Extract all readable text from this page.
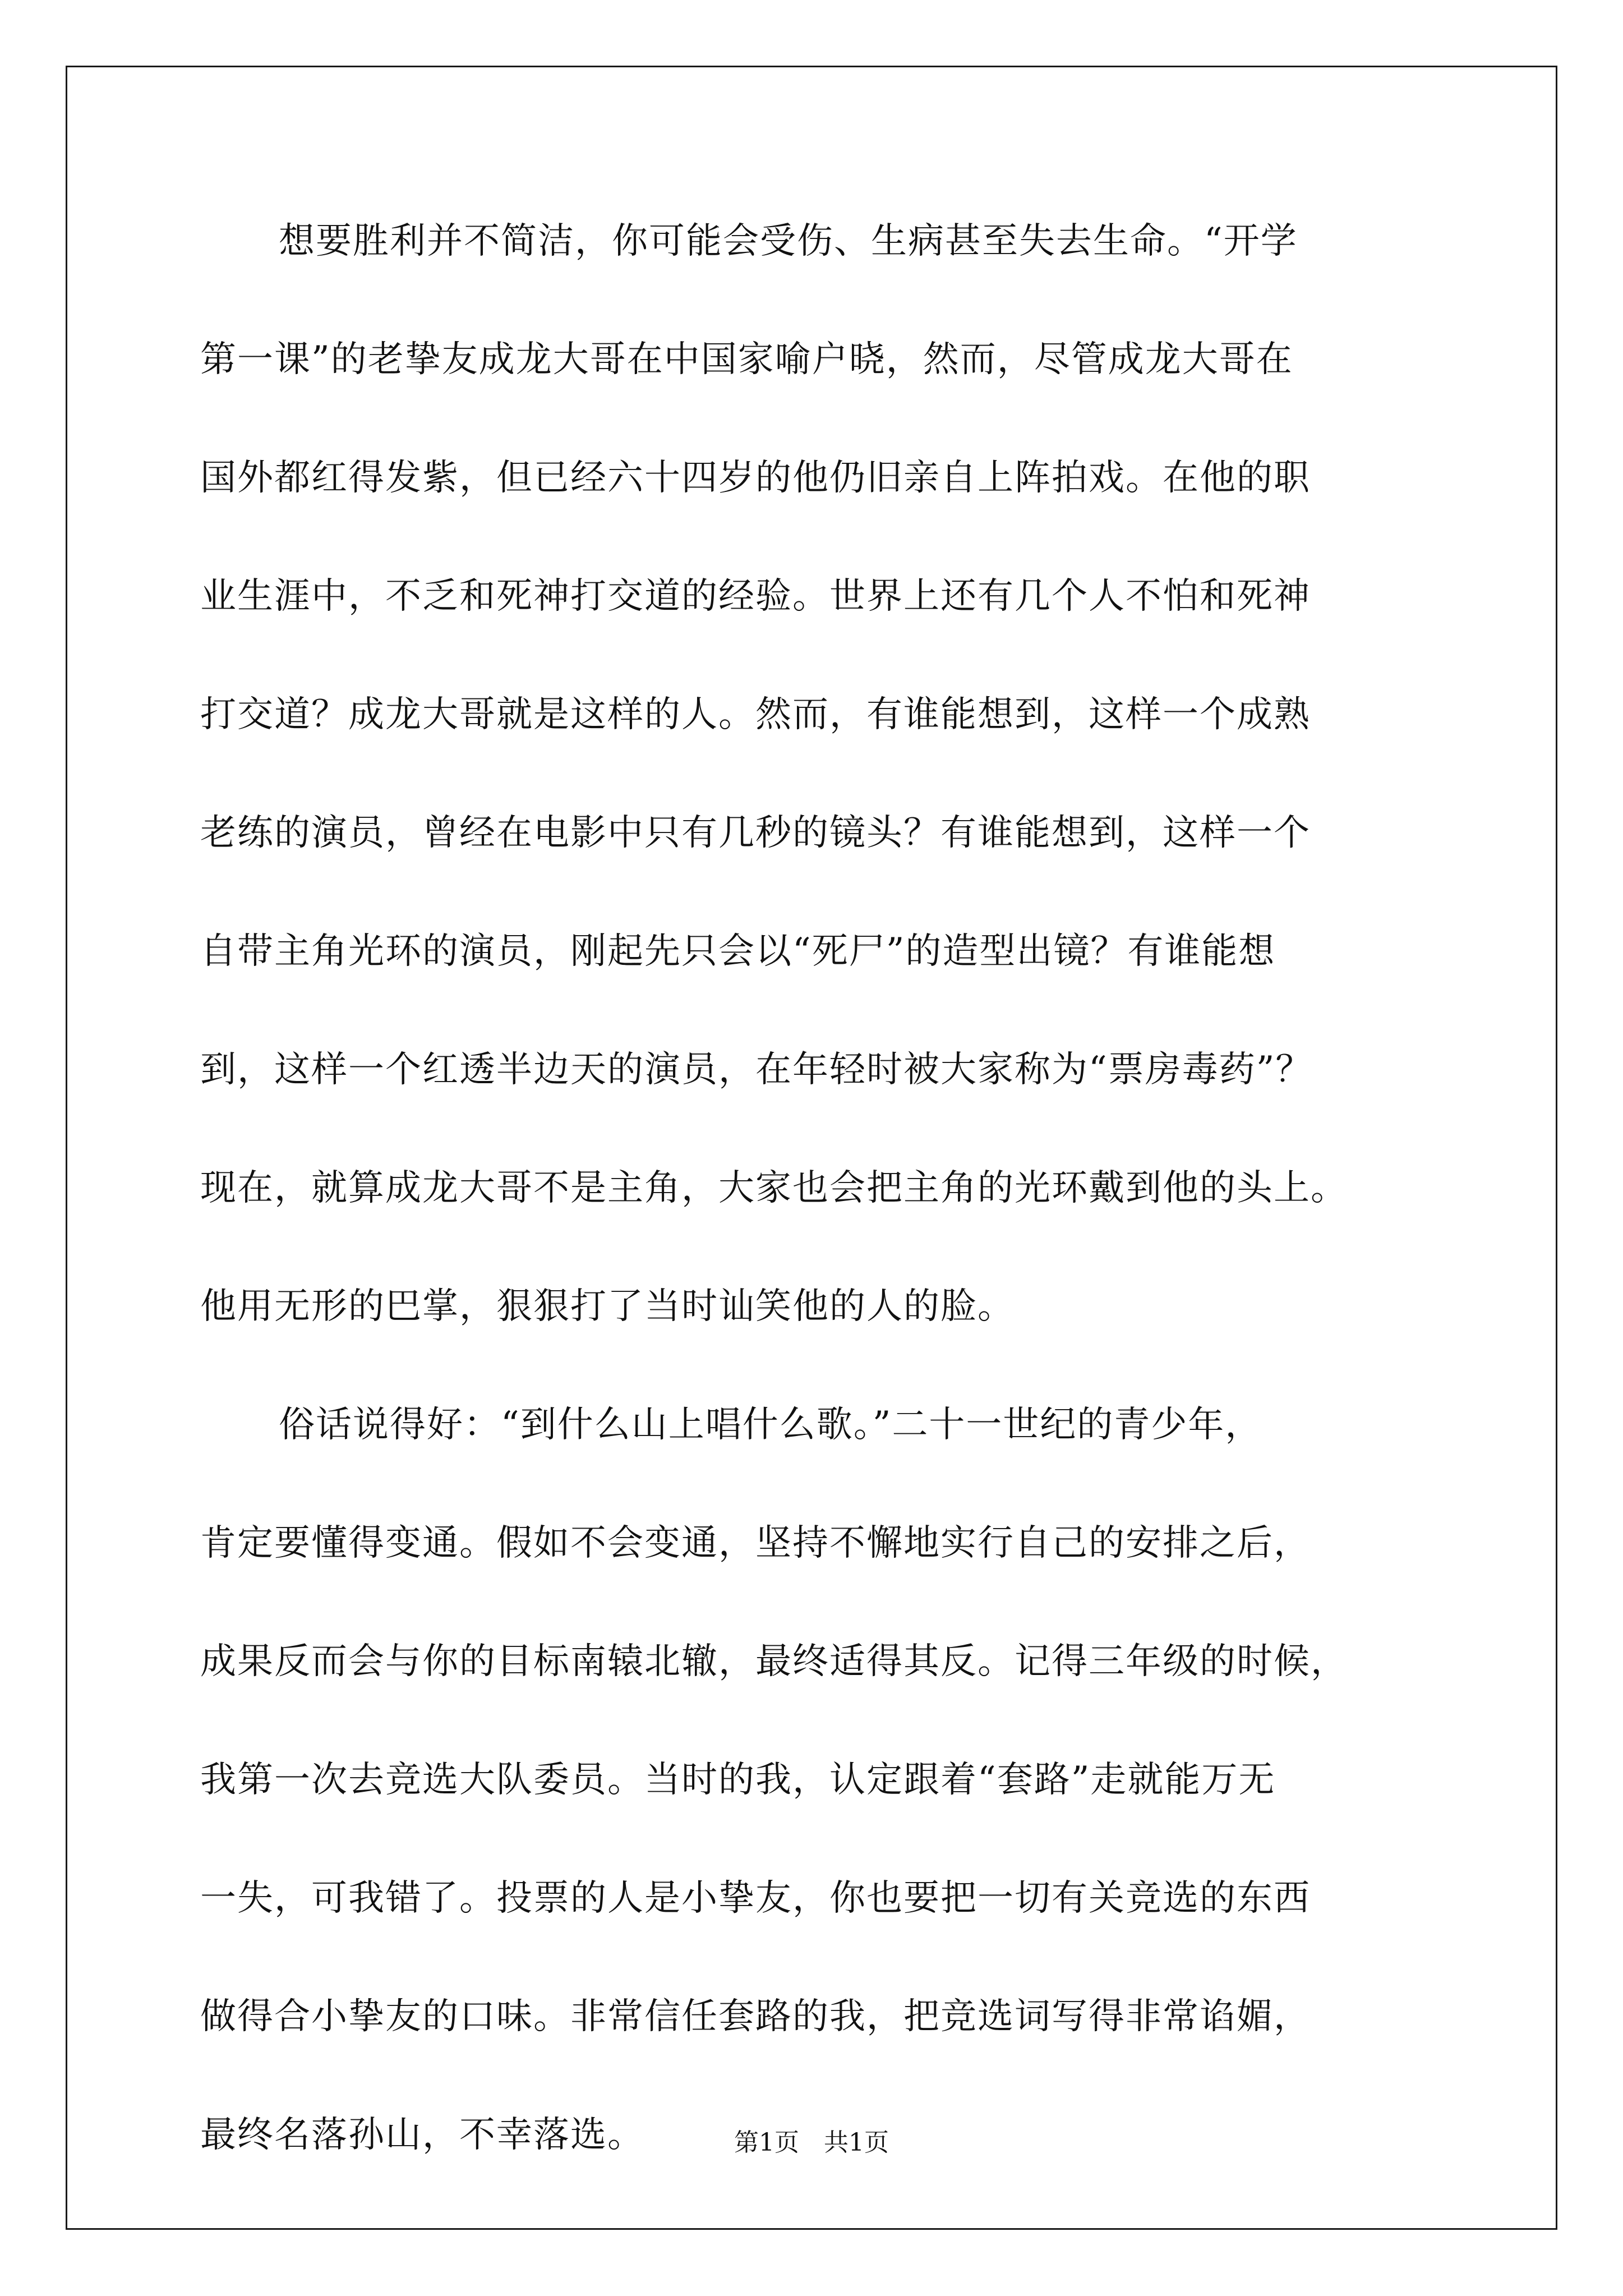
想要胜利并不简洁，你可能会受伤、生病甚至失去生命。“开学
第一课”的老挚友成龙大哥在中国家喻户晓，然而，尽管成龙大哥在
国外都红得发紫，但已经六十四岁的他仍旧亲自上阵拍戏。在他的职
业生涯中，不乏和死神打交道的经验。世界上还有几个人不怕和死神
打交道？成龙大哥就是这样的人。然而，有谁能想到，这样一个成熟
老练的演员，曾经在电影中只有几秒的镜头？有谁能想到，这样一个
自带主角光环的演员，刚起先只会以“死尸”的造型出镜？有谁能想
到，这样一个红透半边天的演员，在年轻时被大家称为“票房毒药”？
现在，就算成龙大哥不是主角，大家也会把主角的光环戴到他的头上。
他用无形的巴掌，狠狠打了当时讪笑他的人的脸。
俗话说得好：“到什么山上唱什么歌。”二十一世纪的青少年，
肯定要懂得变通。假如不会变通，坚持不懈地实行自己的安排之后，
成果反而会与你的目标南辕北辙，最终适得其反。记得三年级的时候，
我第一次去竞选大队委员。当时的我，认定跟着“套路”走就能万无
一失，可我错了。投票的人是小挚友，你也要把一切有关竞选的东西
做得合小挚友的口味。非常信任套路的我，把竞选词写得非常谄媚，
最终名落孙山，不幸落选。	第1页　共1页
